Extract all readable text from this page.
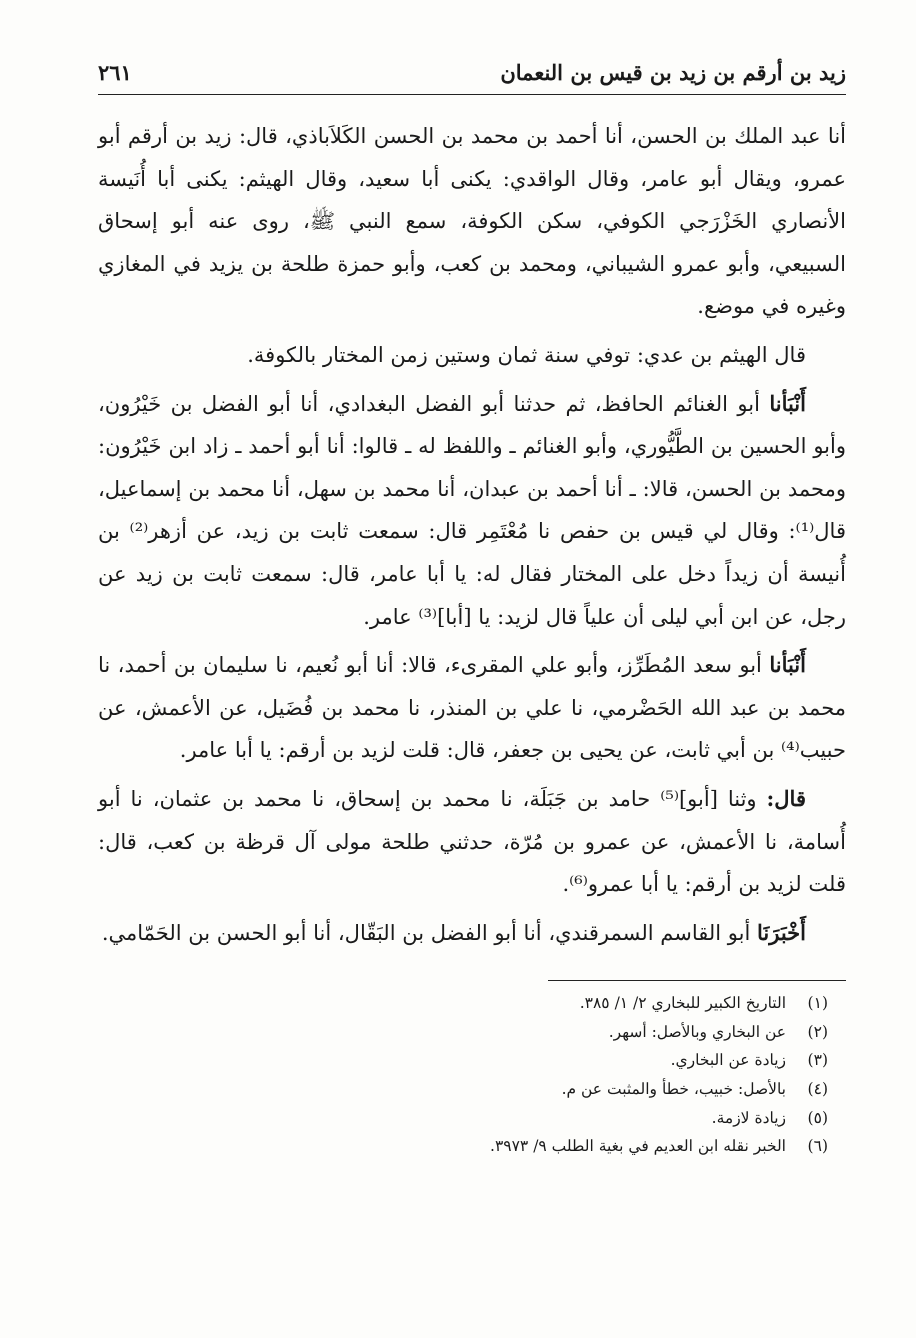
زيد بن أرقم بن زيد بن قيس بن النعمان
٢٦١

أنا عبد الملك بن الحسن، أنا أحمد بن محمد بن الحسن الكَلاَباذي، قال: زيد بن أرقم أبو عمرو، ويقال أبو عامر، وقال الواقدي: يكنى أبا سعيد، وقال الهيثم: يكنى أبا أُنَيسة الأنصاري الخَزْرَجي الكوفي، سكن الكوفة، سمع النبي ﷺ، روى عنه أبو إسحاق السبيعي، وأبو عمرو الشيباني، ومحمد بن كعب، وأبو حمزة طلحة بن يزيد في المغازي وغيره في موضع.

قال الهيثم بن عدي: توفي سنة ثمان وستين زمن المختار بالكوفة.

أَنْبَأنا أبو الغنائم الحافظ، ثم حدثنا أبو الفضل البغدادي، أنا أبو الفضل بن خَيْرُون، وأبو الحسين بن الطَّيُّوري، وأبو الغنائم ـ واللفظ له ـ قالوا: أنا أبو أحمد ـ زاد ابن خَيْرُون: ومحمد بن الحسن، قالا: ـ أنا أحمد بن عبدان، أنا محمد بن سهل، أنا محمد بن إسماعيل، قال⁽¹⁾: وقال لي قيس بن حفص نا مُعْتَمِر قال: سمعت ثابت بن زيد، عن أزهر⁽²⁾ بن أُنيسة أن زيداً دخل على المختار فقال له: يا أبا عامر، قال: سمعت ثابت بن زيد عن رجل، عن ابن أبي ليلى أن علياً قال لزيد: يا [أبا]⁽³⁾ عامر.

أَنْبَأنا أبو سعد المُطَرِّز، وأبو علي المقرىء، قالا: أنا أبو نُعيم، نا سليمان بن أحمد، نا محمد بن عبد الله الحَضْرمي، نا علي بن المنذر، نا محمد بن فُضَيل، عن الأعمش، عن حبيب⁽⁴⁾ بن أبي ثابت، عن يحيى بن جعفر، قال: قلت لزيد بن أرقم: يا أبا عامر.

قال: وثنا [أبو]⁽⁵⁾ حامد بن جَبَلَة، نا محمد بن إسحاق، نا محمد بن عثمان، نا أبو أُسامة، نا الأعمش، عن عمرو بن مُرّة، حدثني طلحة مولى آل قرظة بن كعب، قال: قلت لزيد بن أرقم: يا أبا عمرو⁽⁶⁾.

أَخْبَرَنَا أبو القاسم السمرقندي، أنا أبو الفضل بن البَقّال، أنا أبو الحسن بن الحَمّامي.

(١)
التاريخ الكبير للبخاري ٢/ ١/ ٣٨٥.
(٢)
عن البخاري وبالأصل: أسهر.
(٣)
زيادة عن البخاري.
(٤)
بالأصل: خبيب، خطأ والمثبت عن م.
(٥)
زيادة لازمة.
(٦)
الخبر نقله ابن العديم في بغية الطلب ٩/ ٣٩٧٣.
